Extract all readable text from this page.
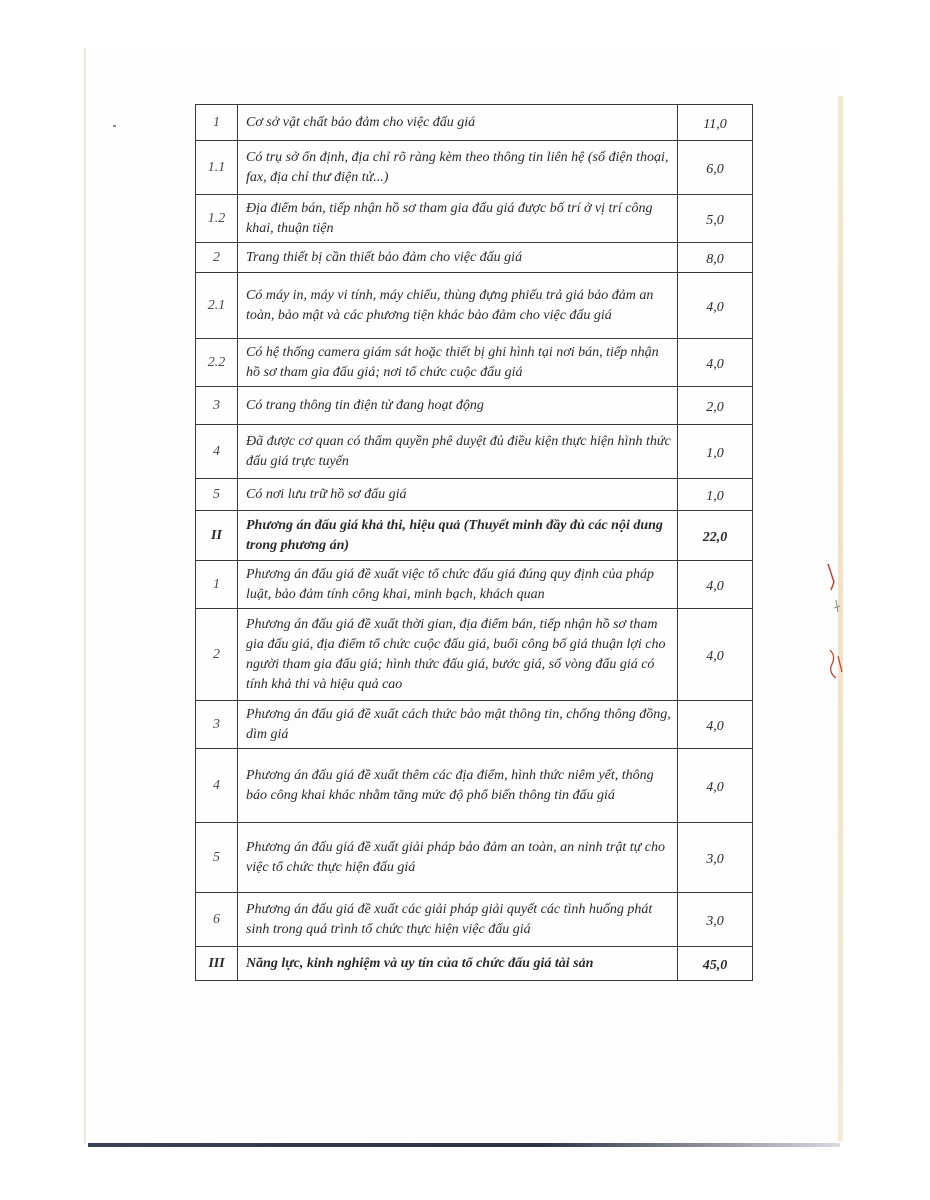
1	Cơ sở vật chất bảo đảm cho việc đấu giá	11,0
1.1	Có trụ sở ổn định, địa chỉ rõ ràng kèm theo thông tin liên hệ (số điện thoại, fax, địa chỉ thư điện tử...)	6,0
1.2	Địa điểm bán, tiếp nhận hồ sơ tham gia đấu giá được bố trí ở vị trí công khai, thuận tiện	5,0
2	Trang thiết bị cần thiết bảo đảm cho việc đấu giá	8,0
2.1	Có máy in, máy vi tính, máy chiếu, thùng đựng phiếu trả giá bảo đảm an toàn, bảo mật và các phương tiện khác bảo đảm cho việc đấu giá	4,0
2.2	Có hệ thống camera giám sát hoặc thiết bị ghi hình tại nơi bán, tiếp nhận hồ sơ tham gia đấu giá; nơi tổ chức cuộc đấu giá	4,0
3	Có trang thông tin điện tử đang hoạt động	2,0
4	Đã được cơ quan có thẩm quyền phê duyệt đủ điều kiện thực hiện hình thức đấu giá trực tuyến	1,0
5	Có nơi lưu trữ hồ sơ đấu giá	1,0
II	Phương án đấu giá khả thi, hiệu quả (Thuyết minh đầy đủ các nội dung trong phương án)	22,0
1	Phương án đấu giá đề xuất việc tổ chức đấu giá đúng quy định của pháp luật, bảo đảm tính công khai, minh bạch, khách quan	4,0
2	Phương án đấu giá đề xuất thời gian, địa điểm bán, tiếp nhận hồ sơ tham gia đấu giá, địa điểm tổ chức cuộc đấu giá, buổi công bố giá thuận lợi cho người tham gia đấu giá; hình thức đấu giá, bước giá, số vòng đấu giá có tính khả thi và hiệu quả cao	4,0
3	Phương án đấu giá đề xuất cách thức bảo mật thông tin, chống thông đồng, dìm giá	4,0
4	Phương án đấu giá đề xuất thêm các địa điểm, hình thức niêm yết, thông báo công khai khác nhằm tăng mức độ phổ biến thông tin đấu giá	4,0
5	Phương án đấu giá đề xuất giải pháp bảo đảm an toàn, an ninh trật tự cho việc tổ chức thực hiện đấu giá	3,0
6	Phương án đấu giá đề xuất các giải pháp giải quyết các tình huống phát sinh trong quá trình tổ chức thực hiện việc đấu giá	3,0
III	Năng lực, kinh nghiệm và uy tín của tổ chức đấu giá tài sản	45,0
